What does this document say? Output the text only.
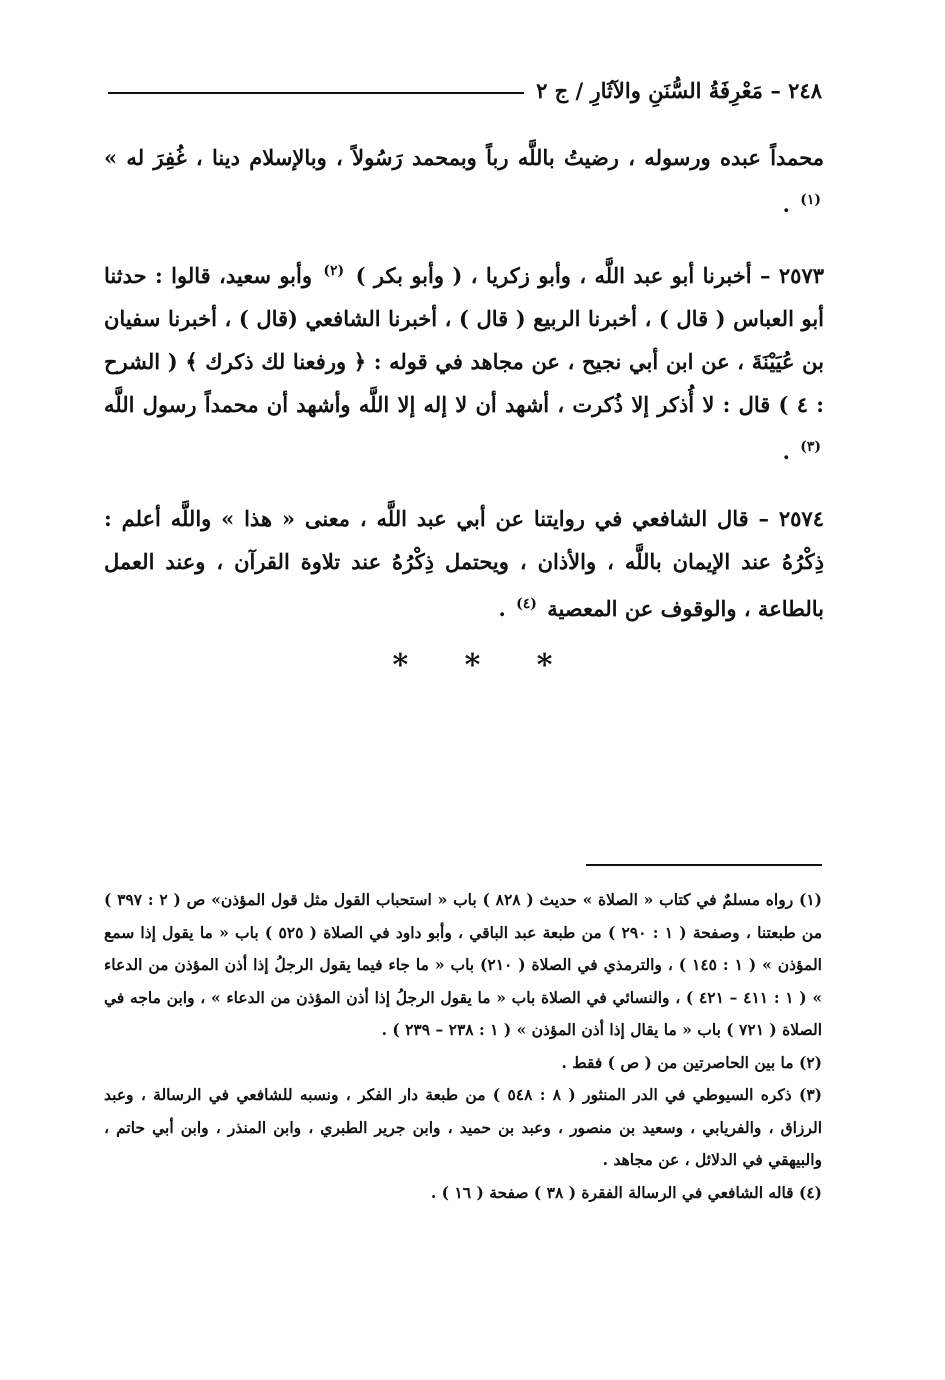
٢٤٨ – مَعْرِفَةُ السُّنَنِ والآثَارِ / ج ٢

محمداً عبده ورسوله ، رضيتُ باللَّه رباً وبمحمد رَسُولاً ، وبالإسلام دينا ، غُفِرَ له » $^{(١)}$ .

٢٥٧٣ – أخبرنا أبو عبد اللَّه ، وأبو زكريا ، ( وأبو بكر ) $^{(٢)}$ وأبو سعيد، قالوا : حدثنا أبو العباس ( قال ) ، أخبرنا الربيع ( قال ) ، أخبرنا الشافعي (قال ) ، أخبرنا سفيان بن عُيَيْنَةَ ، عن ابن أبي نجيح ، عن مجاهد في قوله : ﴿ ورفعنا لك ذكرك ﴾ ( الشرح : ٤ ) قال : لا أُذكر إلا ذُكرت ، أشهد أن لا إله إلا اللَّه وأشهد أن محمداً رسول اللَّه $^{(٣)}$ .

٢٥٧٤ – قال الشافعي في روايتنا عن أبي عبد اللَّه ، معنى « هذا » واللَّه أعلم : ذِكْرُهُ عند الإيمان باللَّه ، والأذان ، ويحتمل ذِكْرُهُ عند تلاوة القرآن ، وعند العمل بالطاعة ، والوقوف عن المعصية $^{(٤)}$ .

* * *

(١) رواه مسلمٌ في كتاب « الصلاة » حديث ( ٨٢٨ ) باب « استحباب القول مثل قول المؤذن» ص ( ٢ : ٣٩٧ ) من طبعتنا ، وصفحة ( ١ : ٢٩٠ ) من طبعة عبد الباقي ، وأبو داود في الصلاة ( ٥٢٥ ) باب « ما يقول إذا سمع المؤذن » ( ١ : ١٤٥ ) ، والترمذي في الصلاة ( ٢١٠) باب « ما جاء فيما يقول الرجلُ إذا أذن المؤذن من الدعاء » ( ١ : ٤١١ – ٤٢١ ) ، والنسائي في الصلاة باب « ما يقول الرجلُ إذا أذن المؤذن من الدعاء » ، وابن ماجه في الصلاة ( ٧٢١ ) باب « ما يقال إذا أذن المؤذن » ( ١ : ٢٣٨ – ٢٣٩ ) .

(٢) ما بين الحاصرتين من ( ص ) فقط .

(٣) ذكره السيوطي في الدر المنثور ( ٨ : ٥٤٨ ) من طبعة دار الفكر ، ونسبه للشافعي في الرسالة ، وعبد الرزاق ، والفريابي ، وسعيد بن منصور ، وعبد بن حميد ، وابن جرير الطبري ، وابن المنذر ، وابن أبي حاتم ، والبيهقي في الدلائل ، عن مجاهد .

(٤) قاله الشافعي في الرسالة الفقرة ( ٣٨ ) صفحة ( ١٦ ) .
